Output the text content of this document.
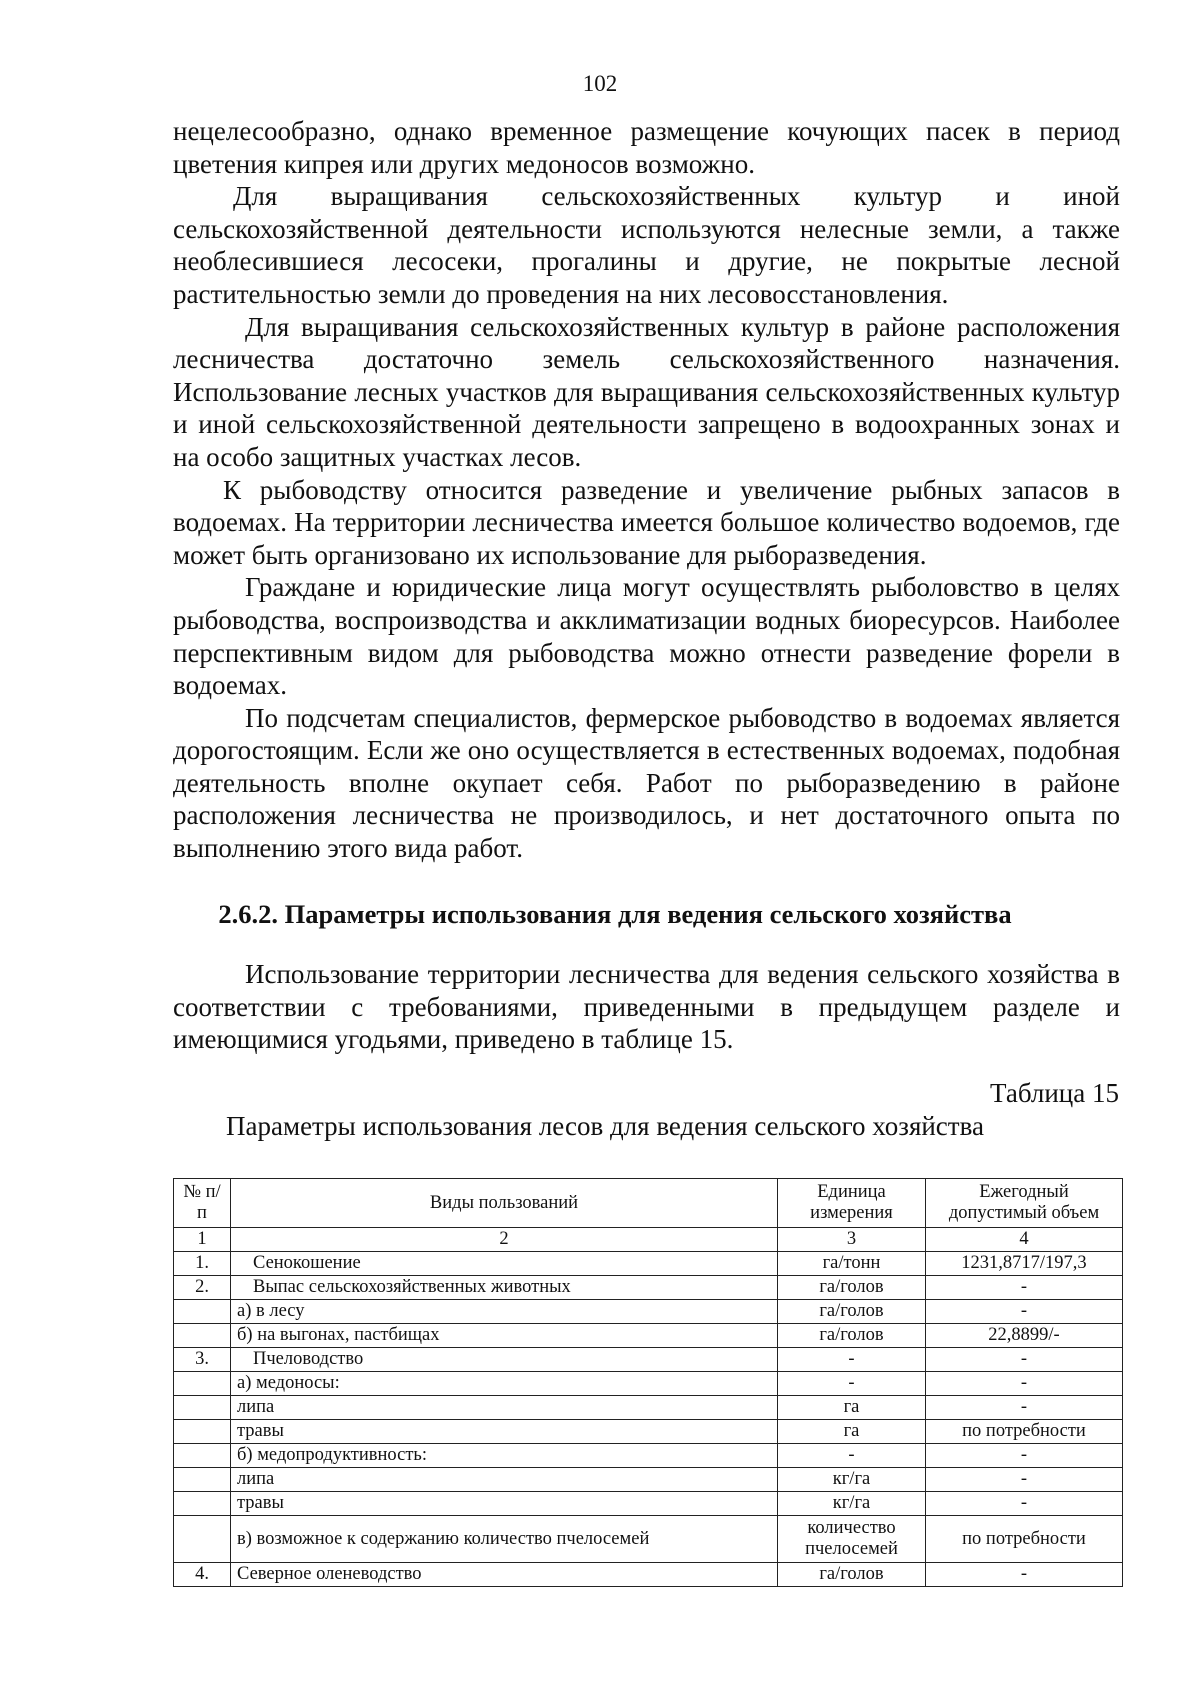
102

нецелесообразно, однако временное размещение кочующих пасек в период цветения кипрея или других медоносов возможно.

Для выращивания сельскохозяйственных культур и иной сельскохозяйственной деятельности используются нелесные земли, а также необлесившиеся лесосеки, прогалины и другие, не покрытые лесной растительностью земли до проведения на них лесовосстановления.

Для выращивания сельскохозяйственных культур в районе расположения лесничества достаточно земель сельскохозяйственного назначения. Использование лесных участков для выращивания сельскохозяйственных культур и иной сельскохозяйственной деятельности запрещено в водоохранных зонах и на особо защитных участках лесов.

К рыбоводству относится разведение и увеличение рыбных запасов в водоемах. На территории лесничества имеется большое количество водоемов, где может быть организовано их использование для рыборазведения.

Граждане и юридические лица могут осуществлять рыболовство в целях рыбоводства, воспроизводства и акклиматизации водных биоресурсов. Наиболее перспективным видом для рыбоводства можно отнести разведение форели в водоемах.

По подсчетам специалистов, фермерское рыбоводство в водоемах является дорогостоящим. Если же оно осуществляется в естественных водоемах, подобная деятельность вполне окупает себя. Работ по рыборазведению в районе расположения лесничества не производилось, и нет достаточного опыта по выполнению этого вида работ.

2.6.2. Параметры использования для ведения сельского хозяйства

Использование территории лесничества для ведения сельского хозяйства в соответствии с требованиями, приведенными в предыдущем разделе и имеющимися угодьями, приведено в таблице 15.

Таблица 15
Параметры использования лесов для ведения сельского хозяйства
№ п/п	Виды пользований	Единица измерения	Ежегодный допустимый объем
1	2	3	4
1.	Сенокошение	га/тонн	1231,8717/197,3
2.	Выпас сельскохозяйственных животных	га/голов	-
	а) в лесу	га/голов	-
	б) на выгонах, пастбищах	га/голов	22,8899/-
3.	Пчеловодство	-	-
	а) медоносы:	-	-
	липа	га	-
	травы	га	по потребности
	б) медопродуктивность:	-	-
	липа	кг/га	-
	травы	кг/га	-
	в) возможное к содержанию количество пчелосемей	количество пчелосемей	по потребности
4.	Северное оленеводство	га/голов	-
